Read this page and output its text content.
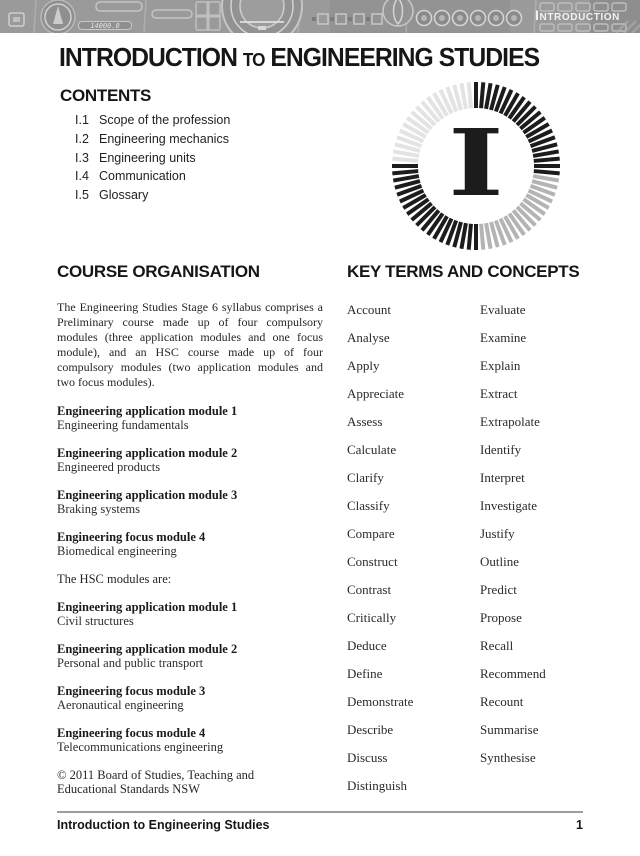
14000.0
INTRODUCTION
INTRODUCTION TO ENGINEERING STUDIES
CONTENTS
I.1 Scope of the profession
I.2 Engineering mechanics
I.3 Engineering units
I.4 Communication
I.5 Glossary	I
COURSE ORGANISATION

The Engineering Studies Stage 6 syllabus comprises a Preliminary course made up of four compulsory modules (three application modules and one focus module), and an HSC course made up of four compulsory modules (two application modules and two focus modules).

Engineering application module 1
Engineering fundamentals
Engineering application module 2
Engineered products
Engineering application module 3
Braking systems
Engineering focus module 4
Biomedical engineering

The HSC modules are:

Engineering application module 1
Civil structures
Engineering application module 2
Personal and public transport
Engineering focus module 3
Aeronautical engineering
Engineering focus module 4
Telecommunications engineering

© 2011 Board of Studies, Teaching and Educational Standards NSW

KEY TERMS AND CONCEPTS
Account
Analyse
Apply
Appreciate
Assess
Calculate
Clarify
Classify
Compare
Construct
Contrast
Critically
Deduce
Define
Demonstrate
Describe
Discuss
Distinguish
Evaluate
Examine
Explain
Extract
Extrapolate
Identify
Interpret
Investigate
Justify
Outline
Predict
Propose
Recall
Recommend
Recount
Summarise
Synthesise
Introduction to Engineering Studies	1
